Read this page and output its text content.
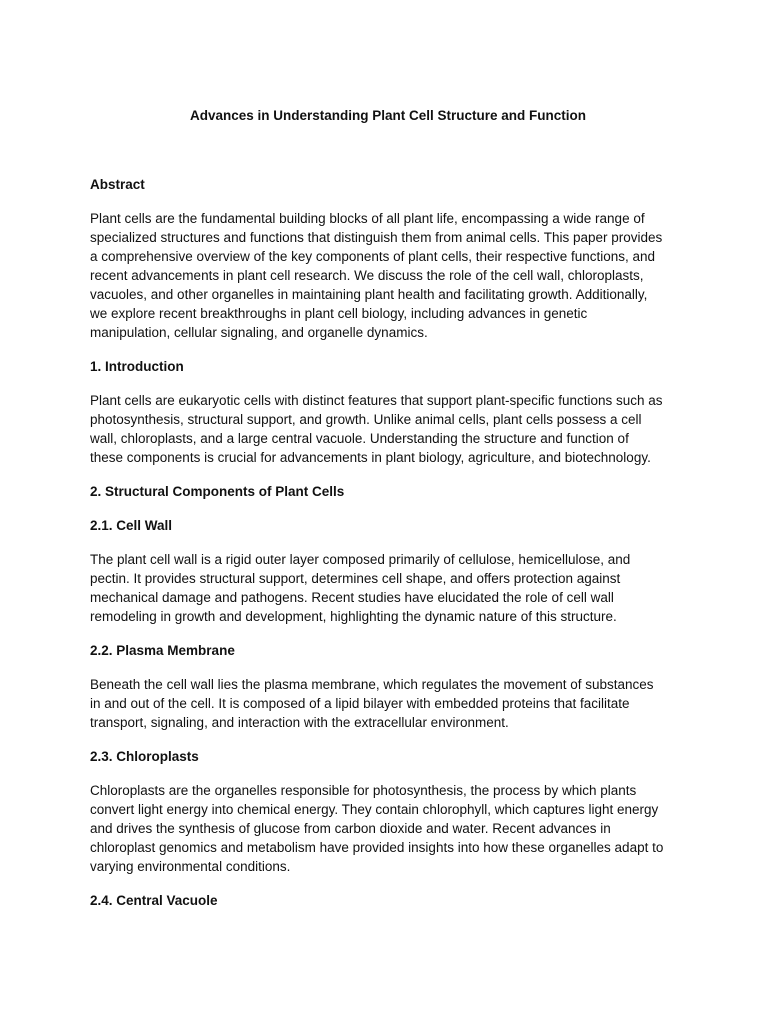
Advances in Understanding Plant Cell Structure and Function

Abstract

Plant cells are the fundamental building blocks of all plant life, encompassing a wide range of
specialized structures and functions that distinguish them from animal cells. This paper provides
a comprehensive overview of the key components of plant cells, their respective functions, and
recent advancements in plant cell research. We discuss the role of the cell wall, chloroplasts,
vacuoles, and other organelles in maintaining plant health and facilitating growth. Additionally,
we explore recent breakthroughs in plant cell biology, including advances in genetic
manipulation, cellular signaling, and organelle dynamics.

1. Introduction

Plant cells are eukaryotic cells with distinct features that support plant-specific functions such as
photosynthesis, structural support, and growth. Unlike animal cells, plant cells possess a cell
wall, chloroplasts, and a large central vacuole. Understanding the structure and function of
these components is crucial for advancements in plant biology, agriculture, and biotechnology.

2. Structural Components of Plant Cells

2.1. Cell Wall

The plant cell wall is a rigid outer layer composed primarily of cellulose, hemicellulose, and
pectin. It provides structural support, determines cell shape, and offers protection against
mechanical damage and pathogens. Recent studies have elucidated the role of cell wall
remodeling in growth and development, highlighting the dynamic nature of this structure.

2.2. Plasma Membrane

Beneath the cell wall lies the plasma membrane, which regulates the movement of substances
in and out of the cell. It is composed of a lipid bilayer with embedded proteins that facilitate
transport, signaling, and interaction with the extracellular environment.

2.3. Chloroplasts

Chloroplasts are the organelles responsible for photosynthesis, the process by which plants
convert light energy into chemical energy. They contain chlorophyll, which captures light energy
and drives the synthesis of glucose from carbon dioxide and water. Recent advances in
chloroplast genomics and metabolism have provided insights into how these organelles adapt to
varying environmental conditions.

2.4. Central Vacuole
